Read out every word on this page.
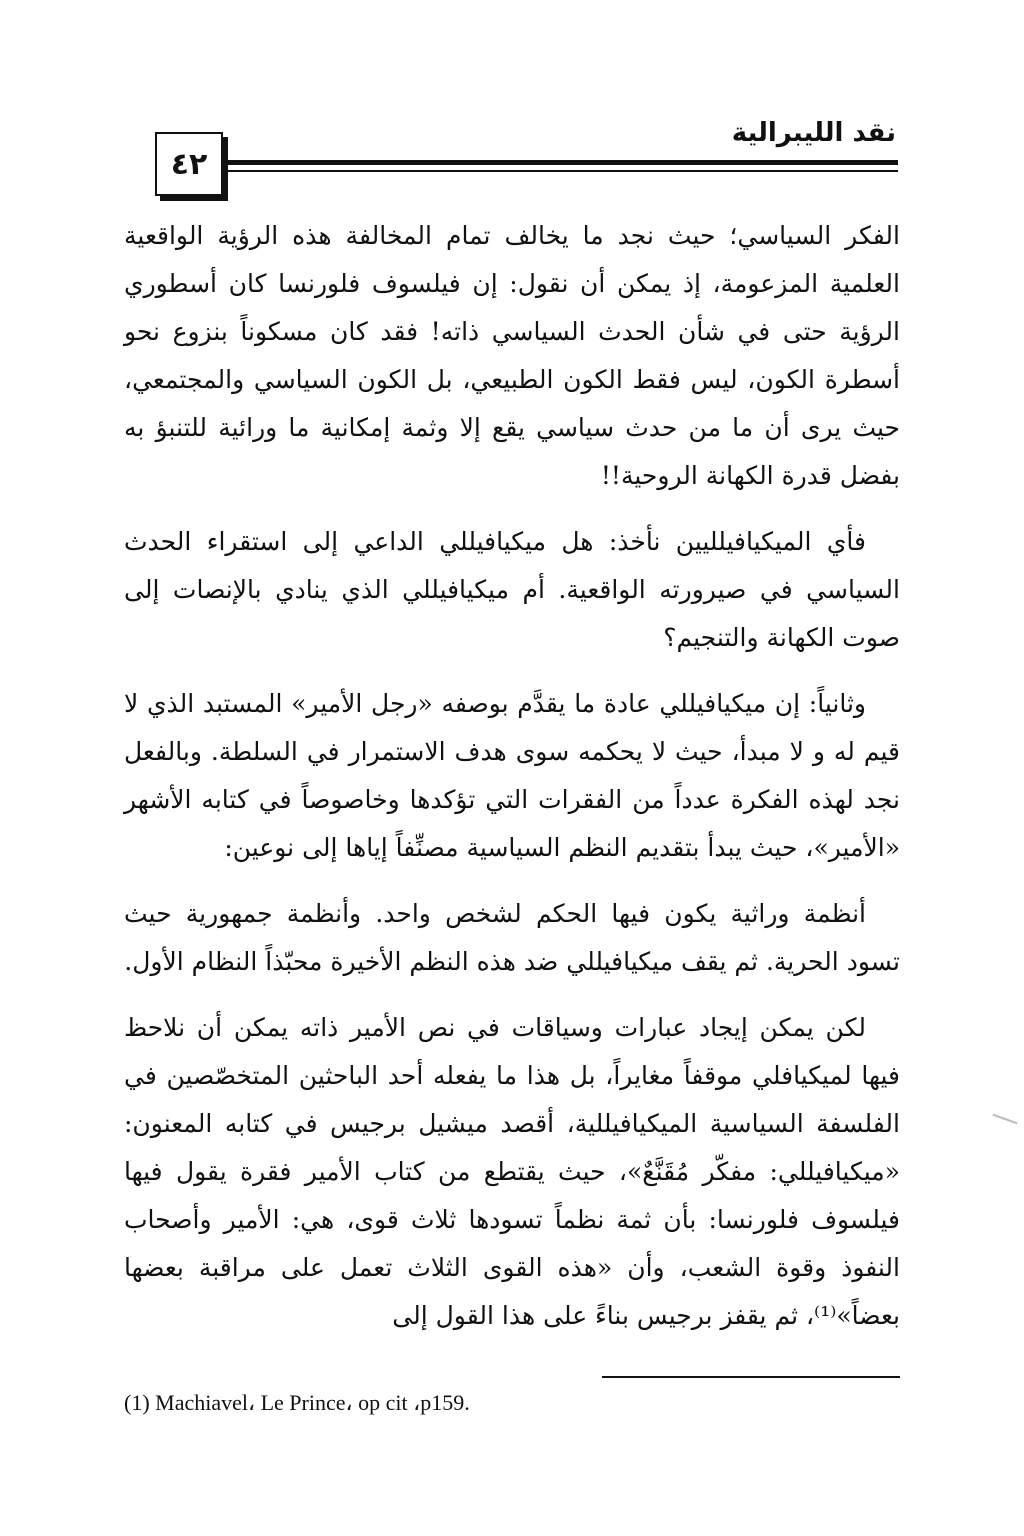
نقد الليبرالية
٤٢

الفكر السياسي؛ حيث نجد ما يخالف تمام المخالفة هذه الرؤية الواقعية العلمية المزعومة، إذ يمكن أن نقول: إن فيلسوف فلورنسا كان أسطوري الرؤية حتى في شأن الحدث السياسي ذاته! فقد كان مسكوناً بنزوع نحو أسطرة الكون، ليس فقط الكون الطبيعي، بل الكون السياسي والمجتمعي، حيث يرى أن ما من حدث سياسي يقع إلا وثمة إمكانية ما ورائية للتنبؤ به بفضل قدرة الكهانة الروحية!!

فأي الميكيافيلليين نأخذ: هل ميكيافيللي الداعي إلى استقراء الحدث السياسي في صيرورته الواقعية. أم ميكيافيللي الذي ينادي بالإنصات إلى صوت الكهانة والتنجيم؟

وثانياً: إن ميكيافيللي عادة ما يقدَّم بوصفه «رجل الأمير» المستبد الذي لا قيم له و لا مبدأ، حيث لا يحكمه سوى هدف الاستمرار في السلطة. وبالفعل نجد لهذه الفكرة عدداً من الفقرات التي تؤكدها وخاصوصاً في كتابه الأشهر «الأمير»، حيث يبدأ بتقديم النظم السياسية مصنِّفاً إياها إلى نوعين:

أنظمة وراثية يكون فيها الحكم لشخص واحد. وأنظمة جمهورية حيث تسود الحرية. ثم يقف ميكيافيللي ضد هذه النظم الأخيرة محبّذاً النظام الأول.

لكن يمكن إيجاد عبارات وسياقات في نص الأمير ذاته يمكن أن نلاحظ فيها لميكيافلي موقفاً مغايراً، بل هذا ما يفعله أحد الباحثين المتخصّصين في الفلسفة السياسية الميكيافيللية، أقصد ميشيل برجيس في كتابه المعنون: «ميكيافيللي: مفكّر مُقَنَّعٌ»، حيث يقتطع من كتاب الأمير فقرة يقول فيها فيلسوف فلورنسا: بأن ثمة نظماً تسودها ثلاث قوى، هي: الأمير وأصحاب النفوذ وقوة الشعب، وأن «هذه القوى الثلاث تعمل على مراقبة بعضها بعضاً»⁽¹⁾، ثم يقفز برجيس بناءً على هذا القول إلى

(1) Machiavel، Le Prince، op cit ،p159.
